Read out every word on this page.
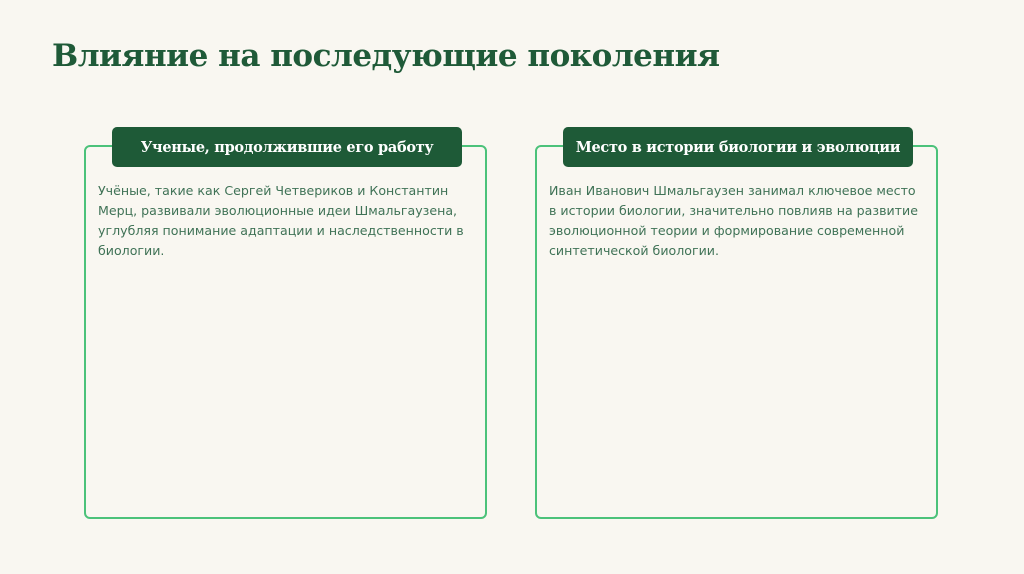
Влияние на последующие поколения
Ученые, продолжившие его работу

Учёные, такие как Сергей Четвериков и Константин Мерц, развивали эволюционные идеи Шмальгаузена, углубляя понимание адаптации и наследственности в биологии.

Место в истории биологии и эволюции

Иван Иванович Шмальгаузен занимал ключевое место в истории биологии, значительно повлияв на развитие эволюционной теории и формирование современной синтетической биологии.
